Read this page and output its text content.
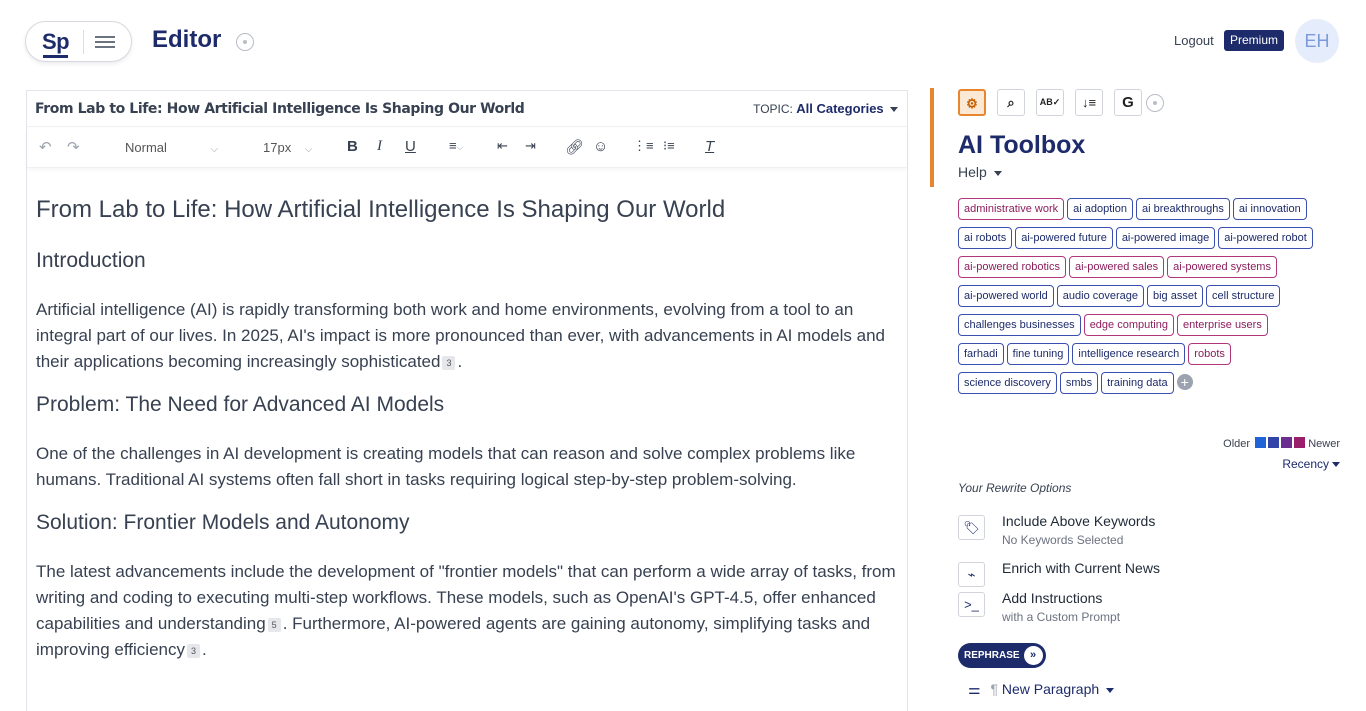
Sp	Editor	Logout	Premium	EH
From Lab to Life: How Artificial Intelligence Is Shaping Our World	TOPIC: All Categories
↶ ↷	Normal	⌵	17px ⌵ B I U	≡⌵	⇤ ⇥ 🔗︎ ☺ ⋮≡ ⁝≡ T
From Lab to Life: How Artificial Intelligence Is Shaping Our World
Introduction
Artificial intelligence (AI) is rapidly transforming both work and home environments, evolving from a tool to an integral part of our lives. In 2025, AI's impact is more pronounced than ever, with advancements in AI models and their applications becoming increasingly sophisticated 3 .
Problem: The Need for Advanced AI Models
One of the challenges in AI development is creating models that can reason and solve complex problems like humans. Traditional AI systems often fall short in tasks requiring logical step-by-step problem-solving.
Solution: Frontier Models and Autonomy
The latest advancements include the development of "frontier models" that can perform a wide array of tasks, from writing and coding to executing multi-step workflows. These models, such as OpenAI's GPT-4.5, offer enhanced capabilities and understanding 5 . Furthermore, AI-powered agents are gaining autonomy, simplifying tasks and improving efficiency 3 .
⚙	⌕	AB✓	↓≡	G
AI Toolbox
Help
administrative work ai adoption ai breakthroughs ai innovationai robots ai-powered future ai-powered image ai-powered robotai-powered robotics ai-powered sales ai-powered systemsai-powered world audio coverage big asset cell structurechallenges businesses edge computing enterprise usersfarhadi fine tuning intelligence research robotsscience discovery smbs training data +
Older	Newer
Recency
Your Rewrite Options
🏷︎	Include Above Keywords
No Keywords Selected
⌁	Enrich with Current News
>_	Add Instructions
with a Custom Prompt
REPHRASE »
⚌ ¶ New Paragraph
